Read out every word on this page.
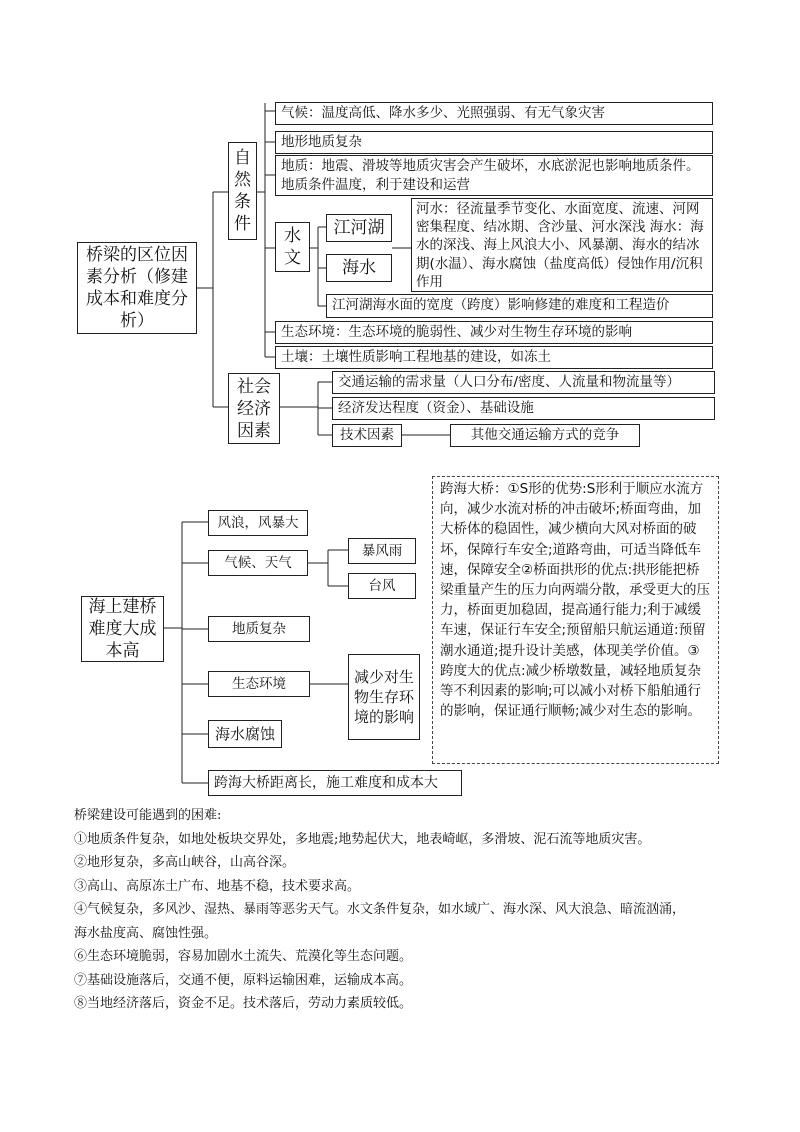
桥梁的区位因素分析（修建成本和难度分析）
自然条件
气候：温度高低、降水多少、光照强弱、有无气象灾害
地形地质复杂
地质：地震、滑坡等地质灾害会产生破坏，水底淤泥也影响地质条件。地质条件温度，利于建设和运营
水文
江河湖
海水
河水：径流量季节变化、水面宽度、流速、河网密集程度、结冰期、含沙量、河水深浅 海水：海水的深浅、海上风浪大小、风暴潮、海水的结冰期(水温）、海水腐蚀（盐度高低）侵蚀作用/沉积作用
江河湖海水面的宽度（跨度）影响修建的难度和工程造价
生态环境：生态环境的脆弱性、减少对生物生存环境的影响
土壤：土壤性质影响工程地基的建设，如冻土
社会经济因素
交通运输的需求量（人口分布/密度、人流量和物流量等）
经济发达程度（资金）、基础设施
技术因素	其他交通运输方式的竞争
海上建桥难度大成本高
风浪，风暴大
气候、天气
暴风雨
台风
地质复杂
生态环境	减少对生物生存环境的影响
海水腐蚀
跨海大桥距离长，施工难度和成本大
跨海大桥：①S形的优势:S形利于顺应水流方向，减少水流对桥的冲击破坏;桥面弯曲，加大桥体的稳固性，减少横向大风对桥面的破坏，保障行车安全;道路弯曲，可适当降低车速，保障安全②桥面拱形的优点:拱形能把桥梁重量产生的压力向两端分散，承受更大的压力，桥面更加稳固，提高通行能力;利于减缓车速，保证行车安全;预留船只航运通道:预留潮水通道;提升设计美感，体现美学价值。③跨度大的优点:减少桥墩数量，减轻地质复杂等不利因素的影响;可以减小对桥下船舶通行的影响，保证通行顺畅;减少对生态的影响。
桥梁建设可能遇到的困难:
①地质条件复杂，如地处板块交界处，多地震;地势起伏大，地表崎岖，多滑坡、泥石流等地质灾害。
②地形复杂，多高山峡谷，山高谷深。
③高山、高原冻土广布、地基不稳，技术要求高。
④气候复杂，多风沙、湿热、暴雨等恶劣天气。水文条件复杂，如水域广、海水深、风大浪急、暗流汹涌，
海水盐度高、腐蚀性强。
⑥生态环境脆弱，容易加剧水土流失、荒漠化等生态问题。
⑦基础设施落后，交通不便，原料运输困难，运输成本高。
⑧当地经济落后，资金不足。技术落后，劳动力素质较低。
